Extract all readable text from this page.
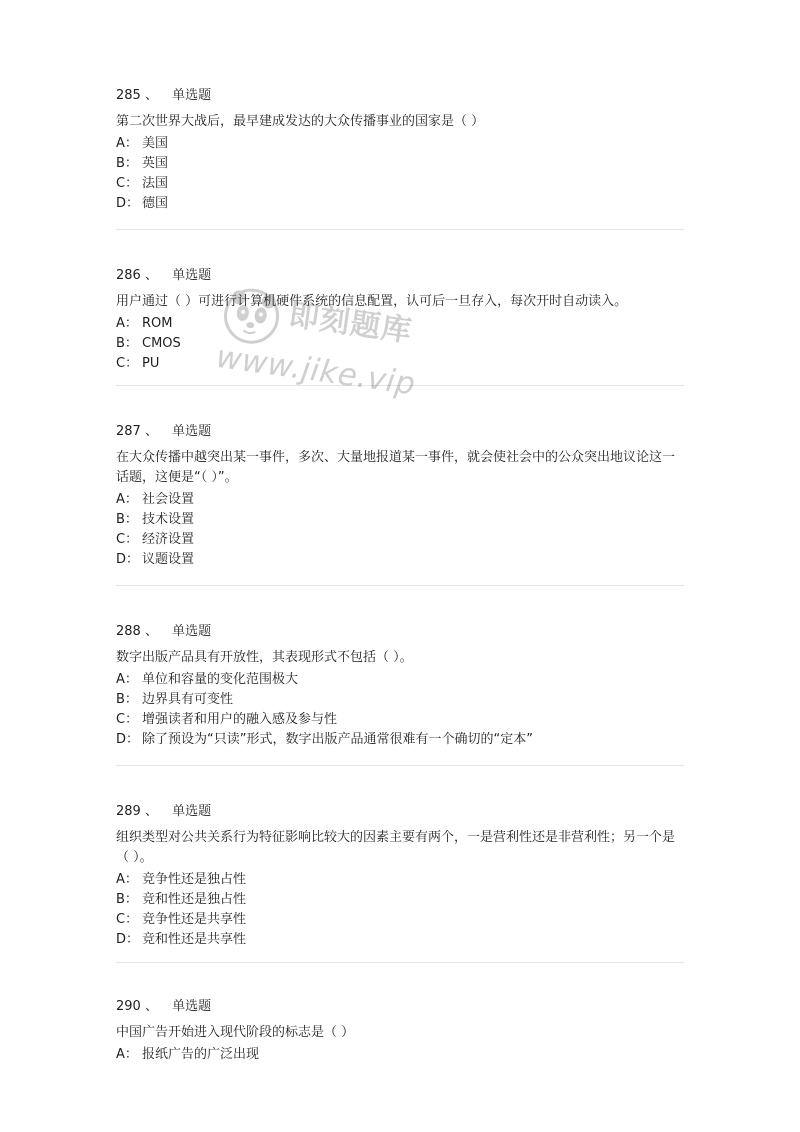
285 、 单选题
第二次世界大战后，最早建成发达的大众传播事业的国家是（ ）
A： 美国
B： 英国
C： 法国
D： 德国
286 、 单选题
用户通过（ ）可进行计算机硬件系统的信息配置，认可后一旦存入，每次开时自动读入。
A： ROM
B： CMOS
C： PU
287 、 单选题
在大众传播中越突出某一事件，多次、大量地报道某一事件，就会使社会中的公众突出地议论这一话题，这便是“（ ）”。
A： 社会设置
B： 技术设置
C： 经济设置
D： 议题设置
288 、 单选题
数字出版产品具有开放性，其表现形式不包括（ ）。
A： 单位和容量的变化范围极大
B： 边界具有可变性
C： 增强读者和用户的融入感及参与性
D： 除了预设为“只读”形式，数字出版产品通常很难有一个确切的“定本”
289 、 单选题
组织类型对公共关系行为特征影响比较大的因素主要有两个，一是营利性还是非营利性；另一个是（ ）。
A： 竞争性还是独占性
B： 竞和性还是独占性
C： 竞争性还是共享性
D： 竞和性还是共享性
290 、 单选题
中国广告开始进入现代阶段的标志是（ ）
A： 报纸广告的广泛出现
即刻题库
www.jike.vip
